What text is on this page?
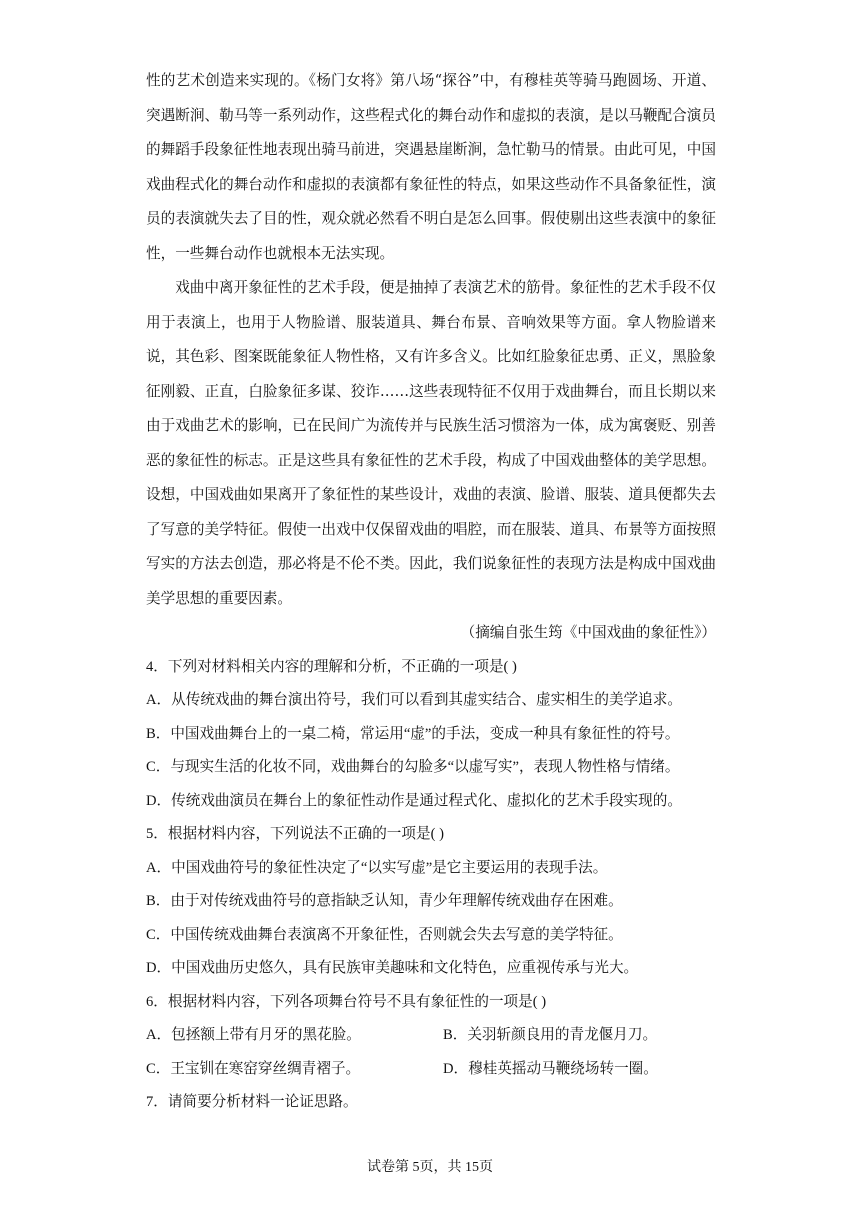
性的艺术创造来实现的。《杨门女将》第八场“探谷”中，有穆桂英等骑马跑圆场、开道、突遇断涧、勒马等一系列动作，这些程式化的舞台动作和虚拟的表演，是以马鞭配合演员的舞蹈手段象征性地表现出骑马前进，突遇悬崖断涧，急忙勒马的情景。由此可见，中国戏曲程式化的舞台动作和虚拟的表演都有象征性的特点，如果这些动作不具备象征性，演员的表演就失去了目的性，观众就必然看不明白是怎么回事。假使剔出这些表演中的象征性，一些舞台动作也就根本无法实现。

戏曲中离开象征性的艺术手段，便是抽掉了表演艺术的筋骨。象征性的艺术手段不仅用于表演上，也用于人物脸谱、服装道具、舞台布景、音响效果等方面。拿人物脸谱来说，其色彩、图案既能象征人物性格，又有许多含义。比如红脸象征忠勇、正义，黑脸象征刚毅、正直，白脸象征多谋、狡诈……这些表现特征不仅用于戏曲舞台，而且长期以来由于戏曲艺术的影响，已在民间广为流传并与民族生活习惯溶为一体，成为寓褒贬、别善恶的象征性的标志。正是这些具有象征性的艺术手段，构成了中国戏曲整体的美学思想。设想，中国戏曲如果离开了象征性的某些设计，戏曲的表演、脸谱、服装、道具便都失去了写意的美学特征。假使一出戏中仅保留戏曲的唱腔，而在服装、道具、布景等方面按照写实的方法去创造，那必将是不伦不类。因此，我们说象征性的表现方法是构成中国戏曲美学思想的重要因素。

（摘编自张生筠《中国戏曲的象征性》）

4．下列对材料相关内容的理解和分析，不正确的一项是( )

A．从传统戏曲的舞台演出符号，我们可以看到其虚实结合、虚实相生的美学追求。

B．中国戏曲舞台上的一桌二椅，常运用“虚”的手法，变成一种具有象征性的符号。

C．与现实生活的化妆不同，戏曲舞台的勾脸多“以虚写实”，表现人物性格与情绪。

D．传统戏曲演员在舞台上的象征性动作是通过程式化、虚拟化的艺术手段实现的。

5．根据材料内容，下列说法不正确的一项是( )

A．中国戏曲符号的象征性决定了“以实写虚”是它主要运用的表现手法。

B．由于对传统戏曲符号的意指缺乏认知，青少年理解传统戏曲存在困难。

C．中国传统戏曲舞台表演离不开象征性，否则就会失去写意的美学特征。

D．中国戏曲历史悠久，具有民族审美趣味和文化特色，应重视传承与光大。

6．根据材料内容，下列各项舞台符号不具有象征性的一项是( )

A．包拯额上带有月牙的黑花脸。	B．关羽斩颜良用的青龙偃月刀。
C．王宝钏在寒窑穿丝绸青褶子。	D．穆桂英摇动马鞭绕场转一圈。

7．请简要分析材料一论证思路。

试卷第 5页，共 15页
